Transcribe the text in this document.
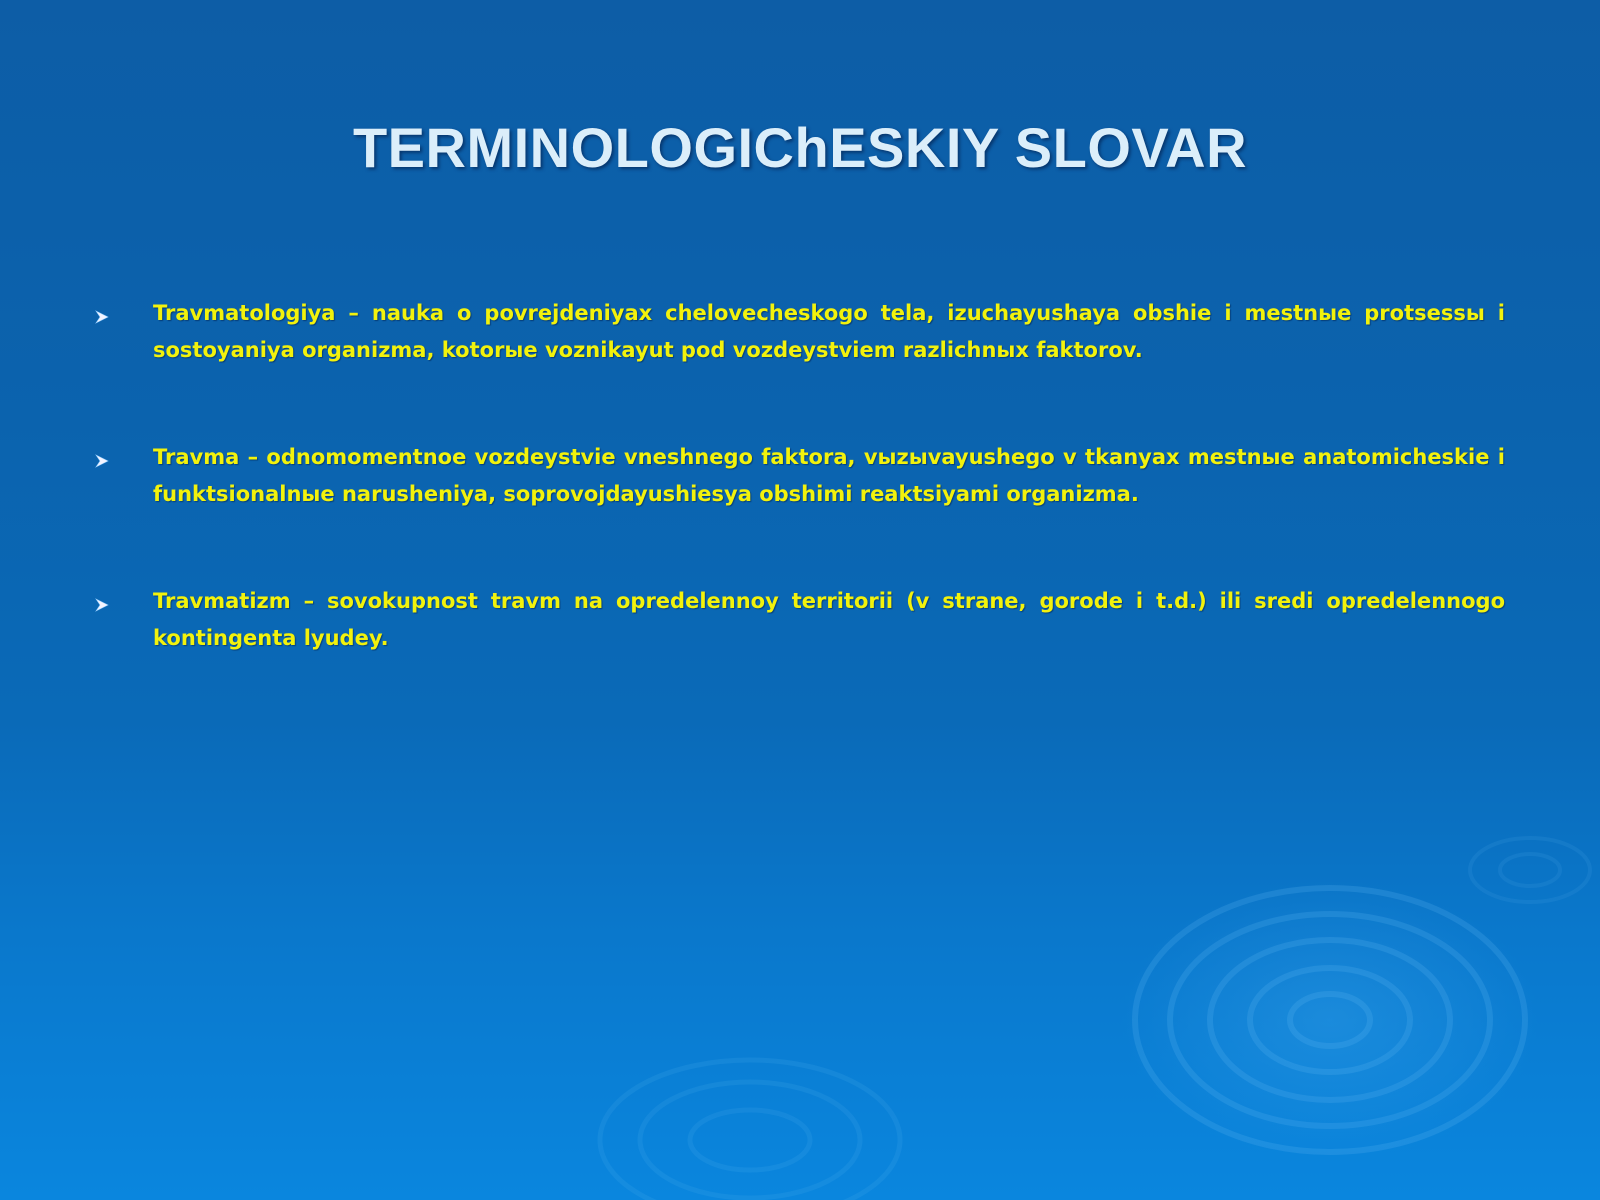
TERMINOLOGIChESKIY SLOVAR

Travmatologiya – nauka o povrejdeniyax chelovecheskogo tela, izuchayushaya obshie i mestnыe protsessы i sostoyaniya organizma, kotorыe voznikayut pod vozdeystviem razlichnыx faktorov.

Travma – odnomomentnoe vozdeystvie vneshnego faktora, vыzыvayushego v tkanyax mestnыe anatomicheskie i funktsionalnыe narusheniya, soprovojdayushiesya obshimi reaktsiyami organizma.

Travmatizm – sovokupnost travm na opredelennoy territorii (v strane, gorode i t.d.) ili sredi opredelennogo kontingenta lyudey.
